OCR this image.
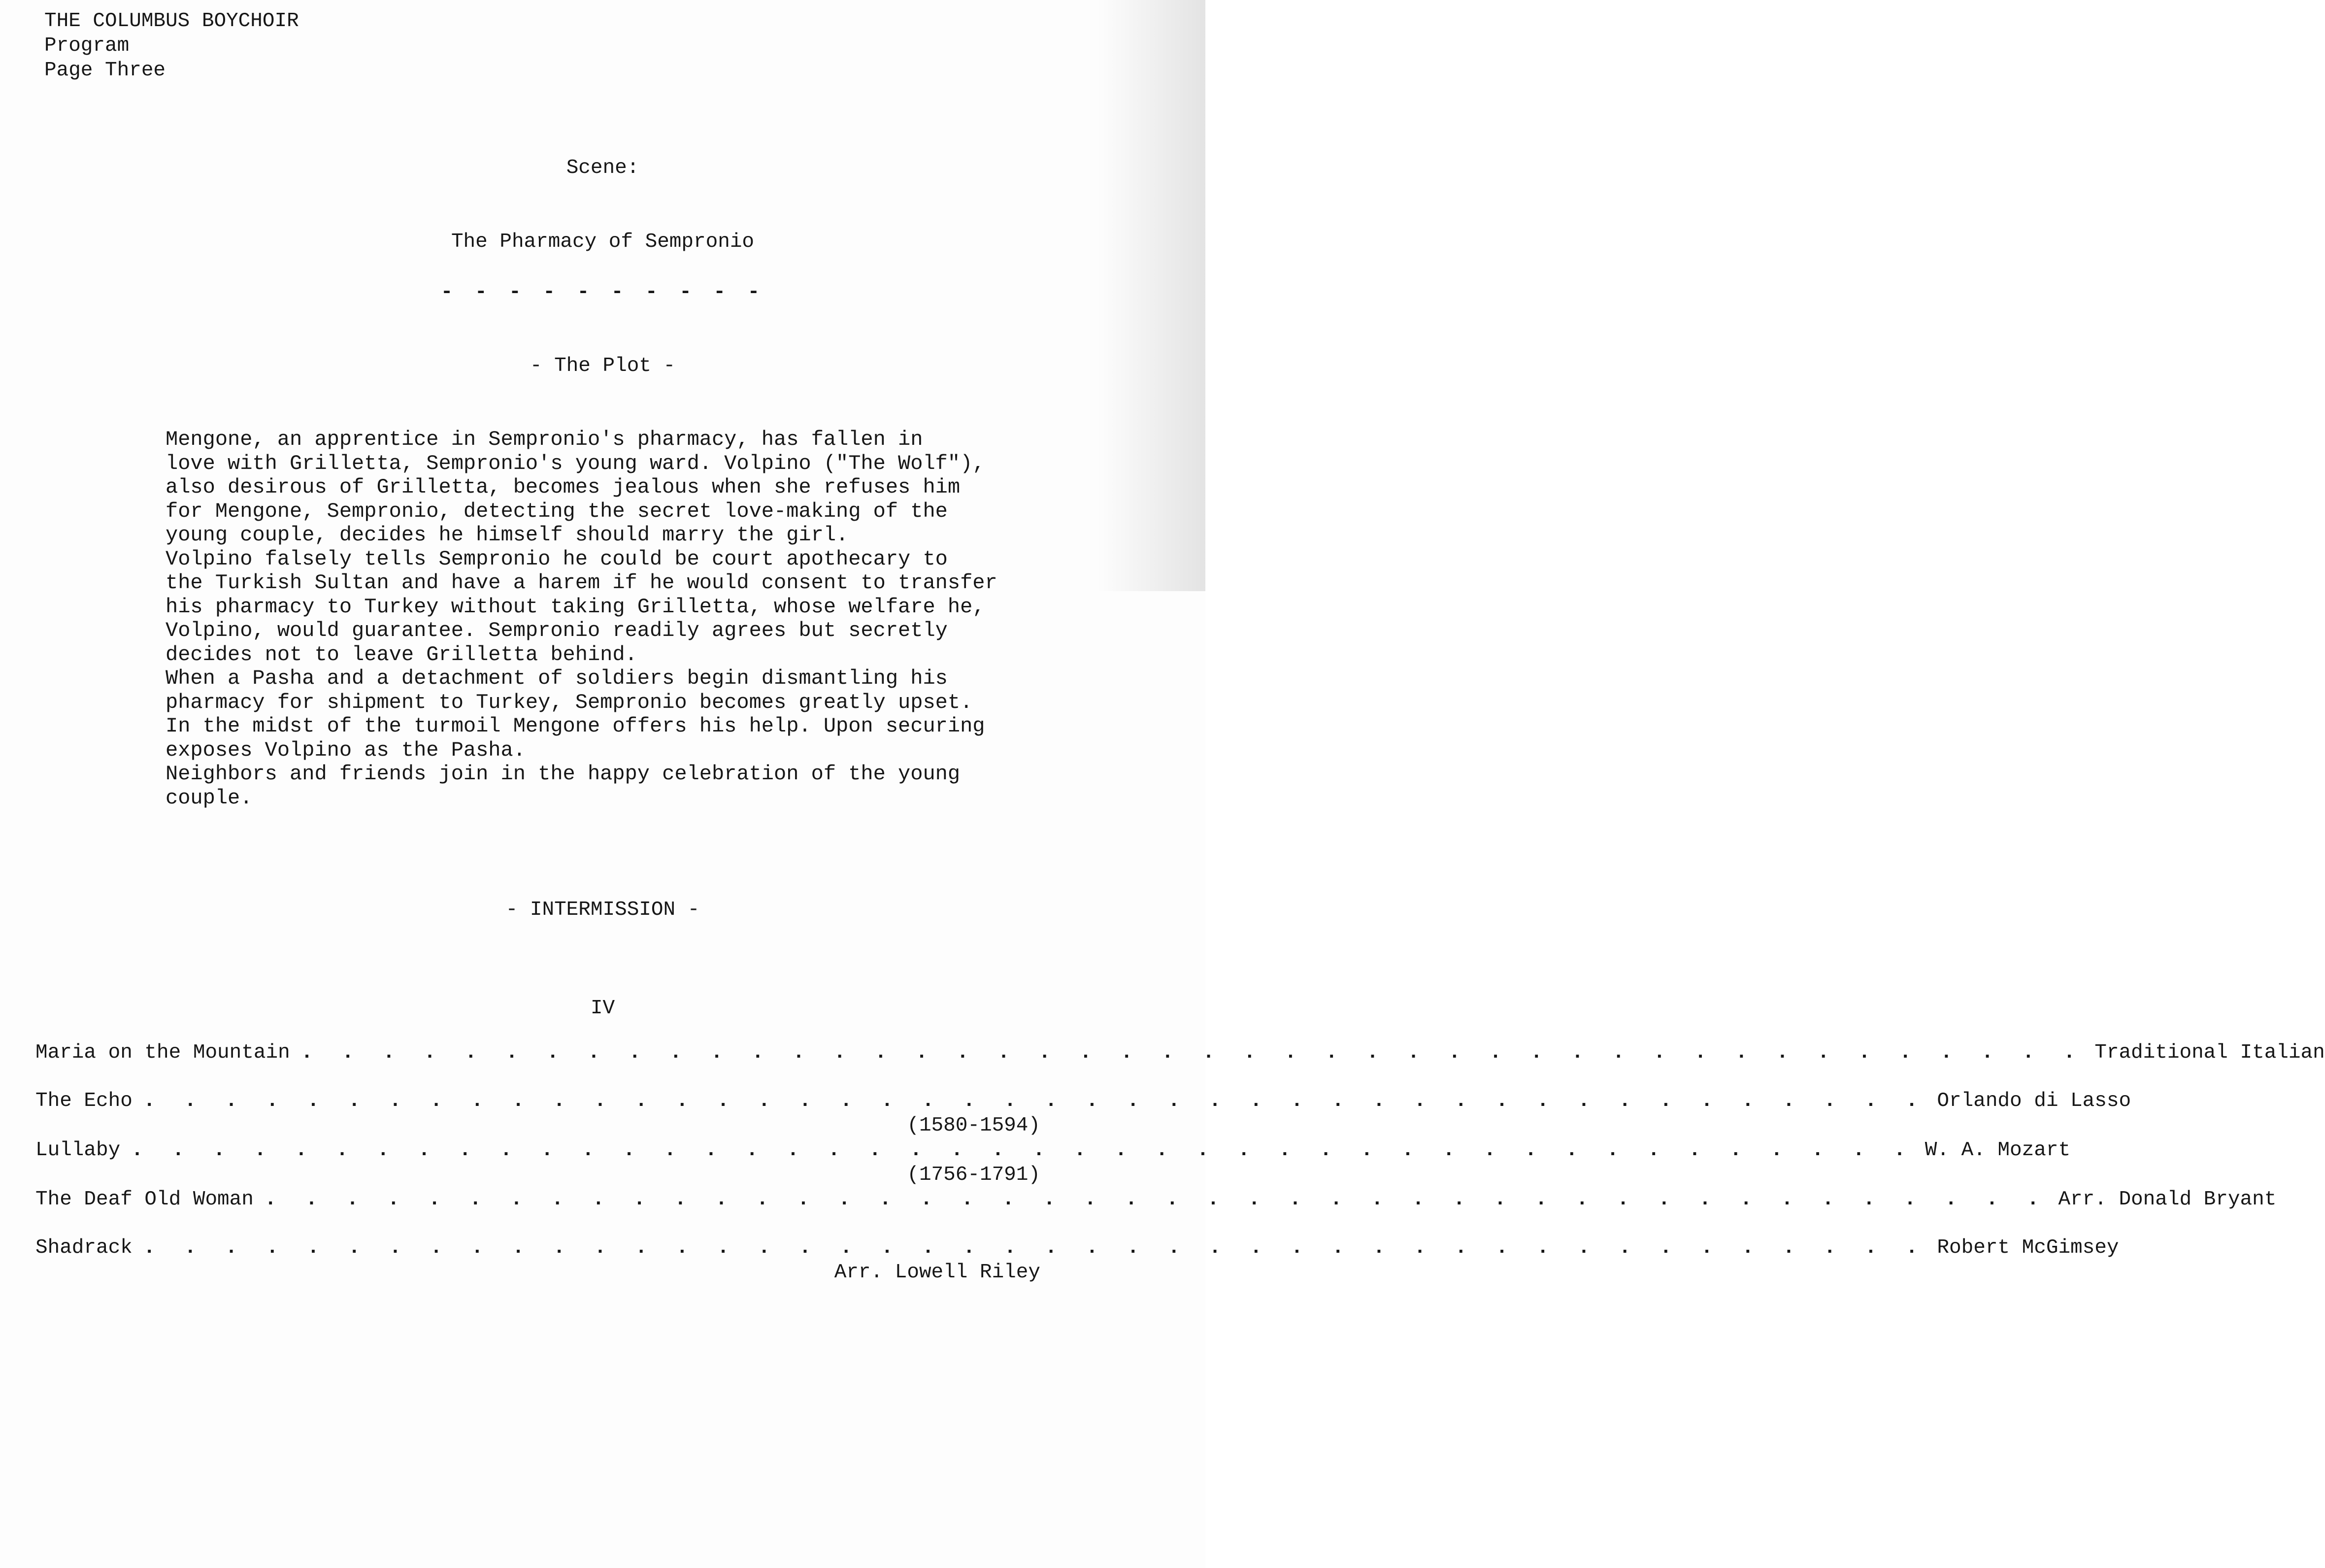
THE COLUMBUS BOYCHOIR
Program
Page Three
Scene:
The Pharmacy of Sempronio
- - - - - - - - - -
- The Plot -
Mengone, an apprentice in Sempronio's pharmacy, has fallen in
love with Grilletta, Sempronio's young ward. Volpino ("The Wolf"),
also desirous of Grilletta, becomes jealous when she refuses him
for Mengone, Sempronio, detecting the secret love-making of the
young couple, decides he himself should marry the girl.
Volpino falsely tells Sempronio he could be court apothecary to
the Turkish Sultan and have a harem if he would consent to transfer
his pharmacy to Turkey without taking Grilletta, whose welfare he,
Volpino, would guarantee. Sempronio readily agrees but secretly
decides not to leave Grilletta behind.
When a Pasha and a detachment of soldiers begin dismantling his
pharmacy for shipment to Turkey, Sempronio becomes greatly upset.
In the midst of the turmoil Mengone offers his help. Upon securing
exposes Volpino as the Pasha.
Neighbors and friends join in the happy celebration of the young
couple.
- INTERMISSION -
IV
Maria on the Mountain . . . . . . . . . . . . . . . . . . . . . . . . . . . . . . . . . . . . . . . . . . . . Traditional Italian
The Echo . . . . . . . . . . . . . . . . . . . . . . . . . . . . . . . . . . . . . . . . . . . . Orlando di Lasso
(1580-1594)
Lullaby . . . . . . . . . . . . . . . . . . . . . . . . . . . . . . . . . . . . . . . . . . . . W. A. Mozart
(1756-1791)
The Deaf Old Woman . . . . . . . . . . . . . . . . . . . . . . . . . . . . . . . . . . . . . . . . . . . . Arr. Donald Bryant
Shadrack . . . . . . . . . . . . . . . . . . . . . . . . . . . . . . . . . . . . . . . . . . . . Robert McGimsey
Arr. Lowell Riley
